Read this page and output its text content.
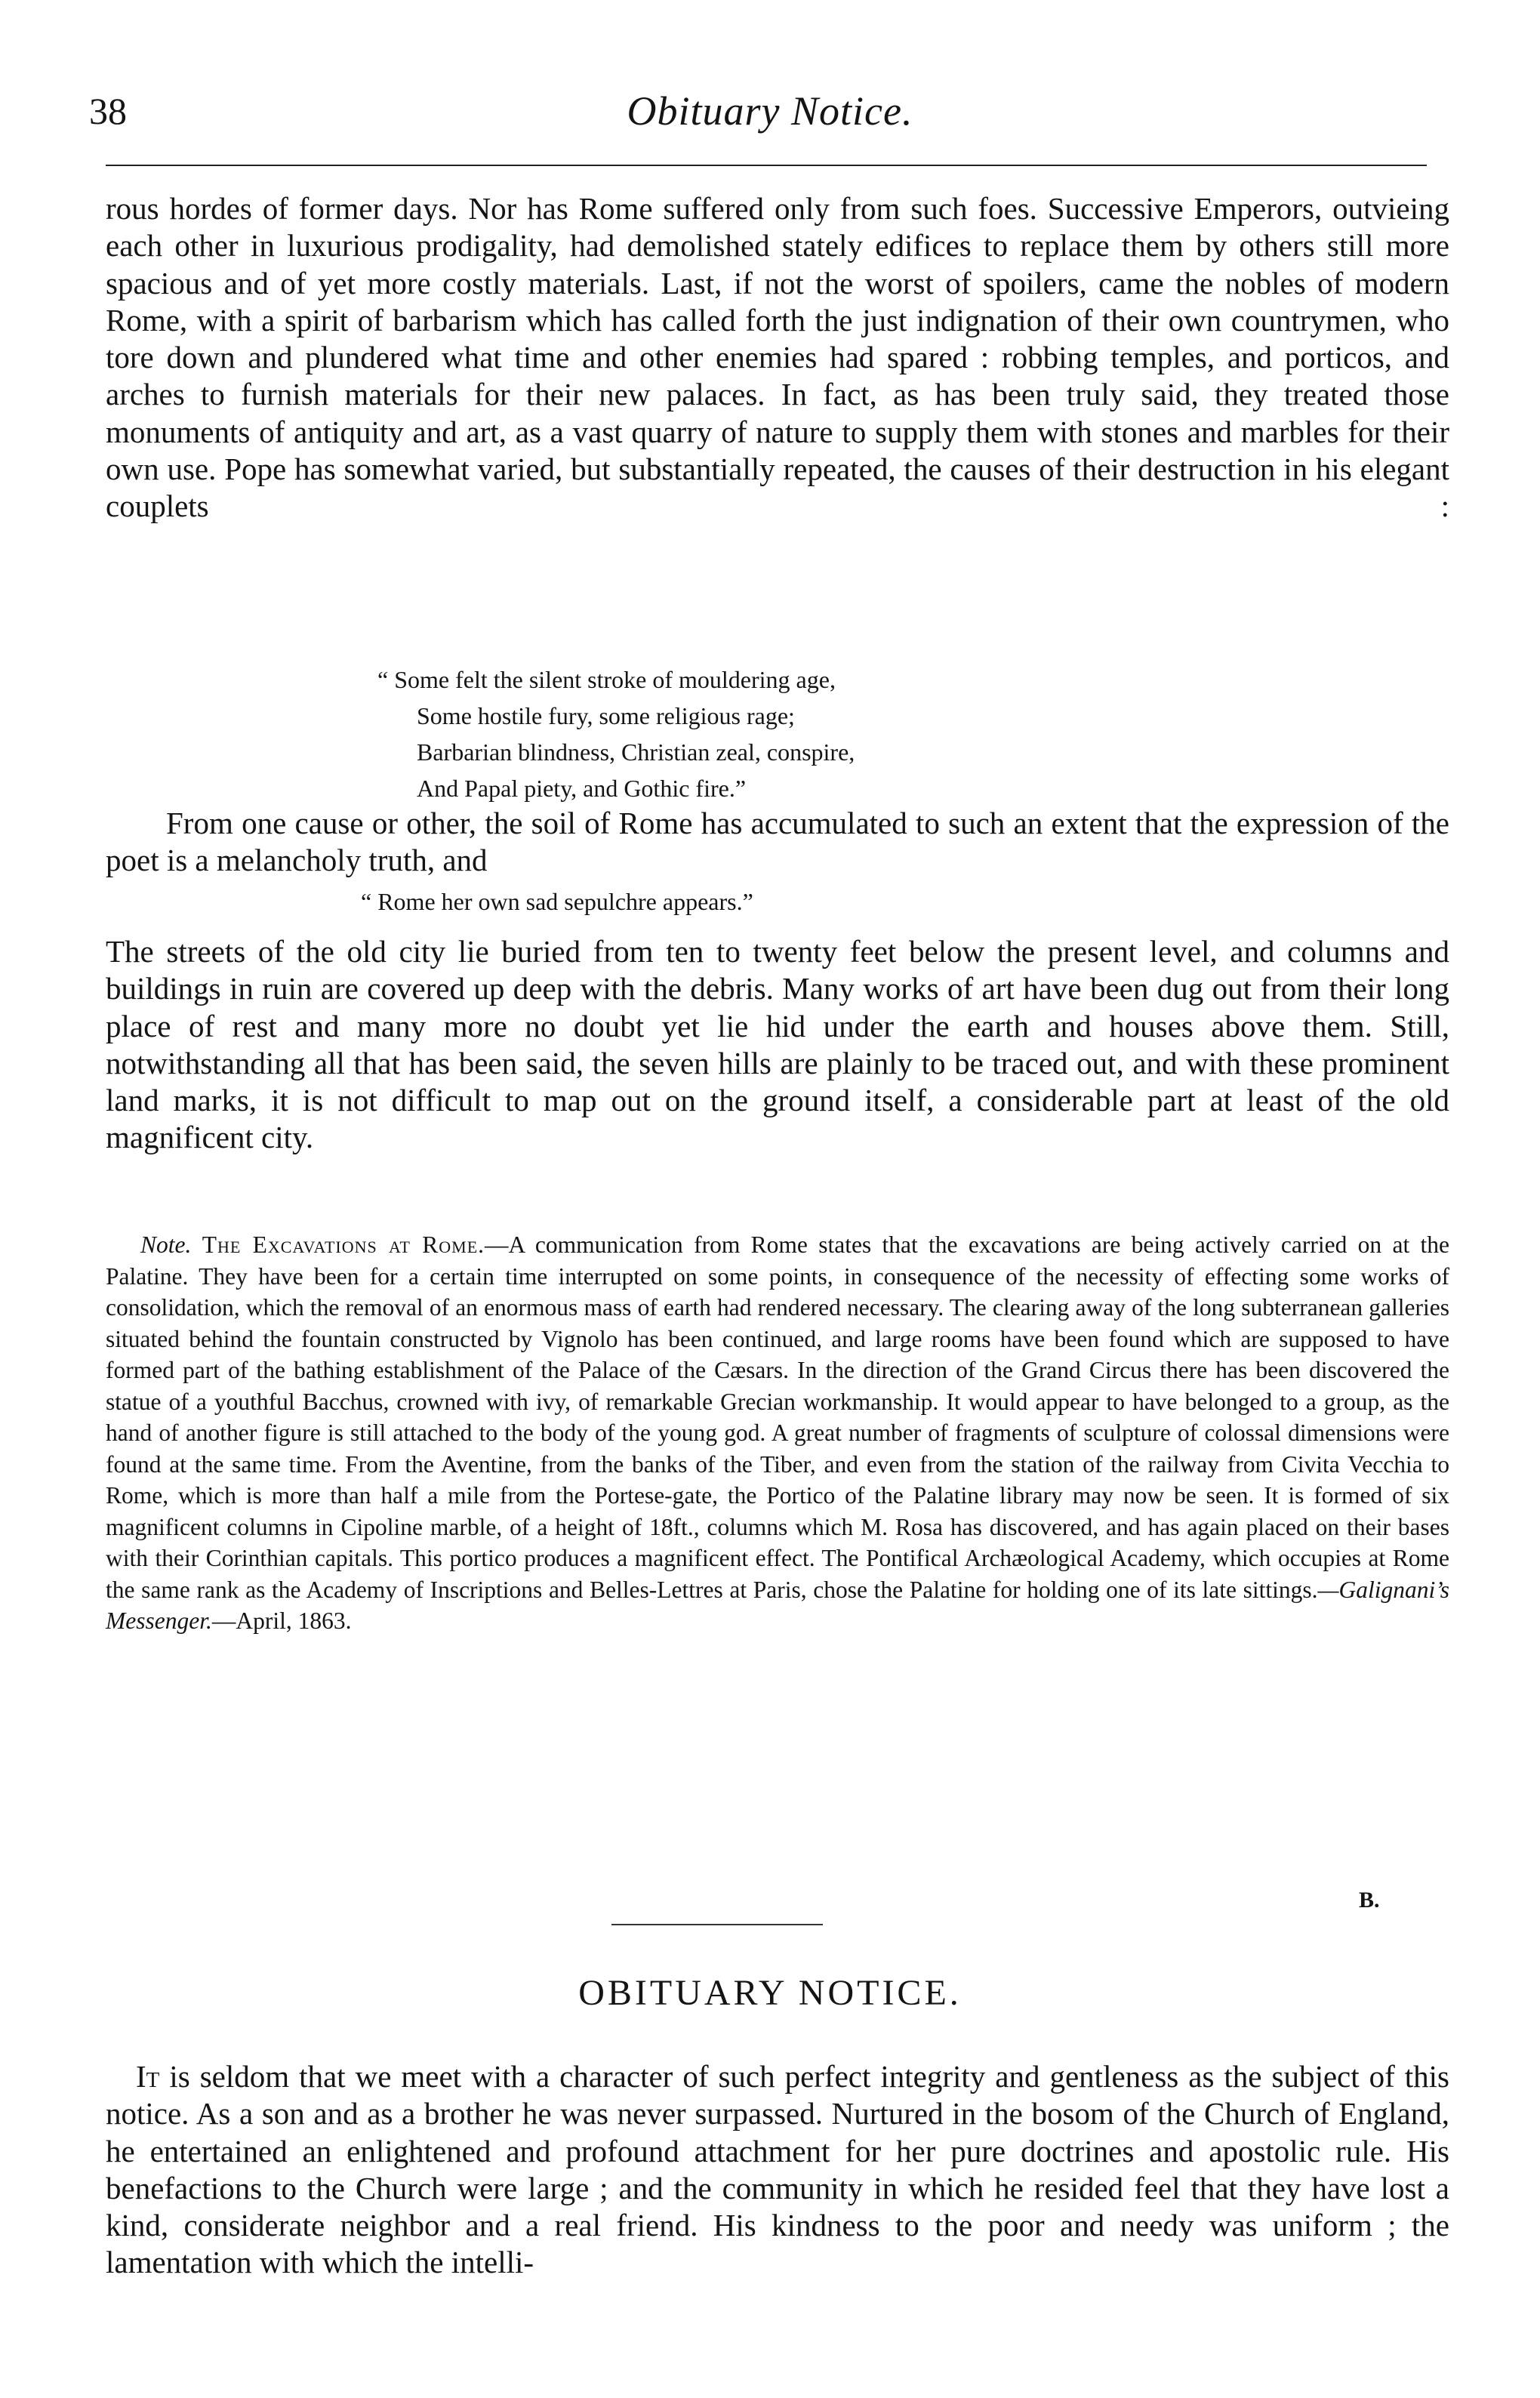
38	Obituary Notice.

rous hordes of former days. Nor has Rome suffered only from such foes. Successive Emperors, outvieing each other in luxurious prodigality, had demolished stately edifices to replace them by others still more spacious and of yet more costly materials. Last, if not the worst of spoilers, came the nobles of modern Rome, with a spirit of barbarism which has called forth the just indignation of their own countrymen, who tore down and plundered what time and other enemies had spared : robbing temples, and porticos, and arches to furnish materials for their new palaces. In fact, as has been truly said, they treated those monuments of antiquity and art, as a vast quarry of nature to supply them with stones and marbles for their own use. Pope has somewhat varied, but substantially repeated, the causes of their destruction in his elegant couplets :

“ Some felt the silent stroke of mouldering age,
Some hostile fury, some religious rage;
Barbarian blindness, Christian zeal, conspire,
And Papal piety, and Gothic fire.”

From one cause or other, the soil of Rome has accumulated to such an extent that the expression of the poet is a melancholy truth, and

“ Rome her own sad sepulchre appears.”

The streets of the old city lie buried from ten to twenty feet below the present level, and columns and buildings in ruin are covered up deep with the debris. Many works of art have been dug out from their long place of rest and many more no doubt yet lie hid under the earth and houses above them. Still, notwithstanding all that has been said, the seven hills are plainly to be traced out, and with these prominent land marks, it is not difficult to map out on the ground itself, a considerable part at least of the old magnificent city.

Note. The Excavations at Rome.—A communication from Rome states that the excavations are being actively carried on at the Palatine. They have been for a certain time interrupted on some points, in consequence of the necessity of effecting some works of consolidation, which the removal of an enormous mass of earth had rendered necessary. The clearing away of the long subterranean galleries situated behind the fountain constructed by Vignolo has been continued, and large rooms have been found which are supposed to have formed part of the bathing establishment of the Palace of the Cæsars. In the direction of the Grand Circus there has been discovered the statue of a youthful Bacchus, crowned with ivy, of remarkable Grecian workmanship. It would appear to have belonged to a group, as the hand of another figure is still attached to the body of the young god. A great number of fragments of sculpture of colossal dimensions were found at the same time. From the Aventine, from the banks of the Tiber, and even from the station of the railway from Civita Vecchia to Rome, which is more than half a mile from the Portese-gate, the Portico of the Palatine library may now be seen. It is formed of six magnificent columns in Cipoline marble, of a height of 18ft., columns which M. Rosa has discovered, and has again placed on their bases with their Corinthian capitals. This portico produces a magnificent effect. The Pontifical Archæological Academy, which occupies at Rome the same rank as the Academy of Inscriptions and Belles-Lettres at Paris, chose the Palatine for holding one of its late sittings.—Galignani’s Messenger.—April, 1863.

B.
OBITUARY NOTICE.

It is seldom that we meet with a character of such perfect integrity and gentleness as the subject of this notice. As a son and as a brother he was never surpassed. Nurtured in the bosom of the Church of England, he entertained an enlightened and profound attachment for her pure doctrines and apostolic rule. His benefactions to the Church were large ; and the community in which he resided feel that they have lost a kind, considerate neighbor and a real friend. His kindness to the poor and needy was uniform ; the lamentation with which the intelli-
